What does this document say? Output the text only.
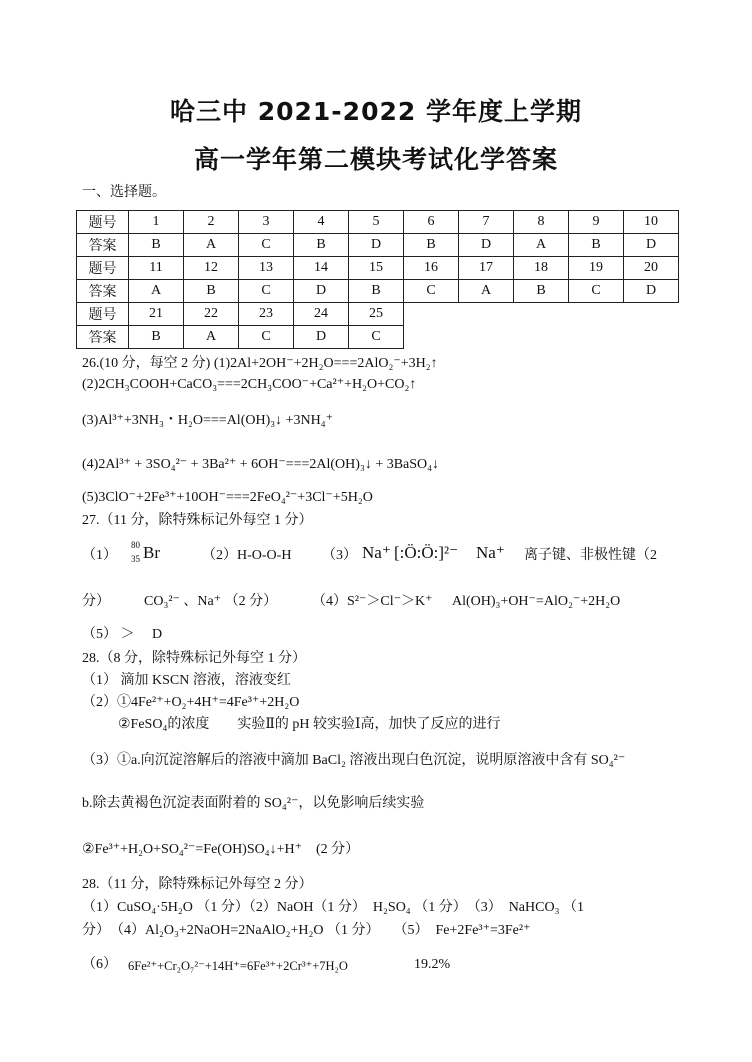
哈三中 2021-2022 学年度上学期
高一学年第二模块考试化学答案
一、选择题。
题号	1	2	3	4	5	6	7	8	9	10
答案	B	A	C	B	D	B	D	A	B	D
题号	11	12	13	14	15	16	17	18	19	20
答案	A	B	C	D	B	C	A	B	C	D
题号	21	22	23	24	25					
答案	B	A	C	D	C					
26.(10 分，每空 2 分) (1)2Al+2OH⁻+2H₂O===2AlO₂⁻+3H₂↑
(2)2CH₃COOH+CaCO₃===2CH₃COO⁻+Ca²⁺+H₂O+CO₂↑
(3)Al³⁺+3NH₃・H₂O===Al(OH)₃↓ +3NH₄⁺
(4)2Al³⁺ + 3SO₄²⁻ + 3Ba²⁺ + 6OH⁻===2Al(OH)₃↓ + 3BaSO₄↓
(5)3ClO⁻+2Fe³⁺+10OH⁻===2FeO₄²⁻+3Cl⁻+5H₂O
27.（11 分，除特殊标记外每空 1 分）
（1）
80
35 Br	（2）H-O-O-H （3） Na⁺ [:Ö:Ö:]²⁻ Na⁺ 离子键、非极性键（2
分） CO₃²⁻ 、Na⁺ （2 分） （4）S²⁻＞Cl⁻＞K⁺ Al(OH)₃+OH⁻=AlO₂⁻+2H₂O
（5） ＞　 D
28.（8 分，除特殊标记外每空 1 分）
（1） 滴加 KSCN 溶液，溶液变红
（2）①4Fe²⁺+O₂+4H⁺=4Fe³⁺+2H₂O
②FeSO₄的浓度　　实验Ⅱ的 pH 较实验Ⅰ高，加快了反应的进行
（3）①a.向沉淀溶解后的溶液中滴加 BaCl₂ 溶液出现白色沉淀，说明原溶液中含有 SO₄²⁻
b.除去黄褐色沉淀表面附着的 SO₄²⁻，以免影响后续实验
②Fe³⁺+H₂O+SO₄²⁻=Fe(OH)SO₄↓+H⁺　(2 分）
28.（11 分，除特殊标记外每空 2 分）
（1）CuSO₄·5H₂O （1 分）（2）NaOH（1 分）　H₂SO₄ （1 分）　（3）　NaHCO₃ （1
分）　（4）Al₂O₃+2NaOH=2NaAlO₂+H₂O （1 分）　　（5）　Fe+2Fe³⁺=3Fe²⁺
（6） 6Fe²⁺+Cr₂O₇²⁻+14H⁺=6Fe³⁺+2Cr³⁺+7H₂O	19.2%
